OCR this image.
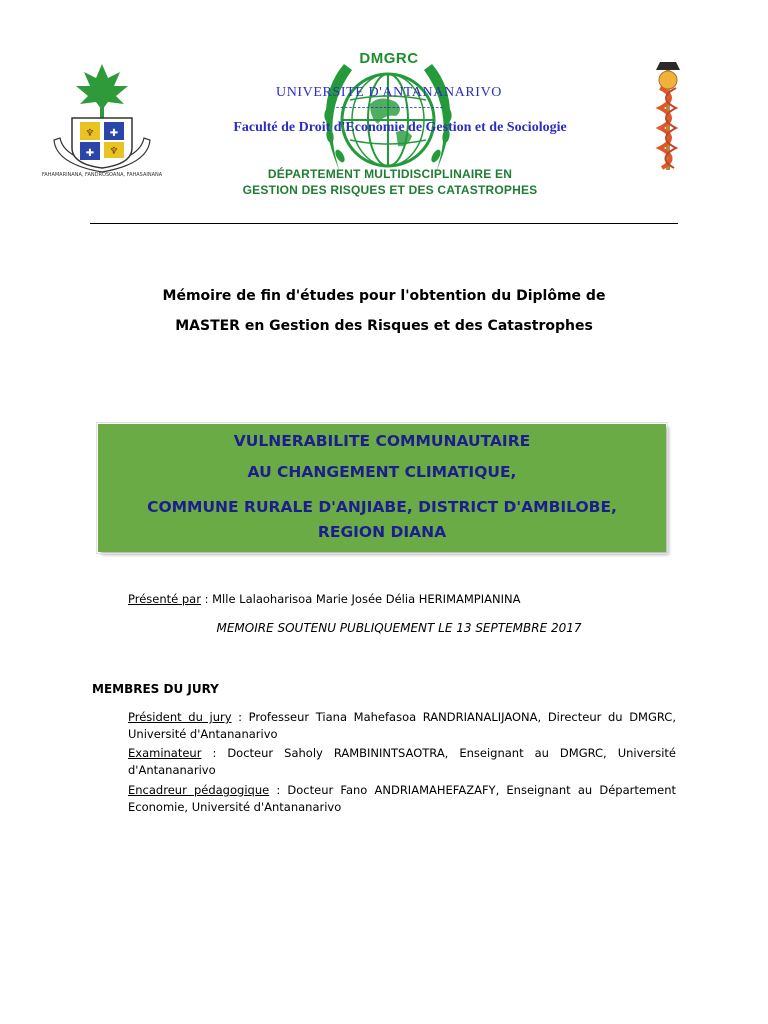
✚
✚
♆
♆
FAHAMARINANA, FANDROSOANA, FAHASAINANA
DMGRC
UNIVERSITE D'ANTANANARIVO
-------------------------
Faculté de Droit d'Economie de Gestion et de Sociologie
DÉPARTEMENT MULTIDISCIPLINAIRE EN
GESTION DES RISQUES ET DES CATASTROPHES
Mémoire de fin d'études pour l'obtention du Diplôme de
MASTER en Gestion des Risques et des Catastrophes
VULNERABILITE COMMUNAUTAIRE
AU CHANGEMENT CLIMATIQUE,
COMMUNE RURALE D'ANJIABE, DISTRICT D'AMBILOBE,
REGION DIANA
Présenté par : Mlle Lalaoharisoa Marie Josée Délia HERIMAMPIANINA
MEMOIRE SOUTENU PUBLIQUEMENT LE 13 SEPTEMBRE 2017
MEMBRES DU JURY
Président du jury : Professeur Tiana Mahefasoa RANDRIANALIJAONA, Directeur du DMGRC, Université d'Antananarivo
Examinateur : Docteur Saholy RAMBININTSAOTRA, Enseignant au DMGRC, Université d'Antananarivo
Encadreur pédagogique : Docteur Fano ANDRIAMAHEFAZAFY, Enseignant au Département Economie, Université d'Antananarivo
